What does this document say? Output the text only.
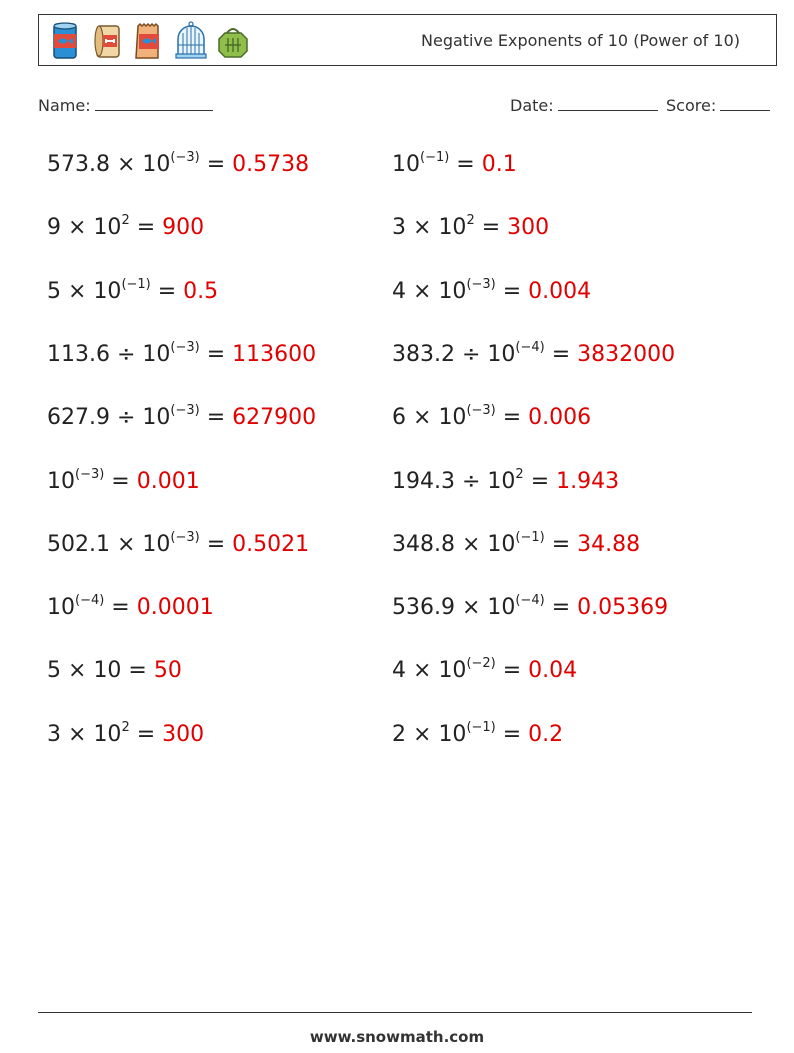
Negative Exponents of 10 (Power of 10)
Name:	Date:	Score:
$573.8 \times 10^{(-3)} = 0.5738$
$9 \times 10^2 = 900$
$5 \times 10^{(-1)} = 0.5$
$113.6 \div 10^{(-3)} = 113600$
$627.9 \div 10^{(-3)} = 627900$
$10^{(-3)} = 0.001$
$502.1 \times 10^{(-3)} = 0.5021$
$10^{(-4)} = 0.0001$
5 × 10 = 50
$3 \times 10^2 = 300$
$10^{(-1)} = 0.1$
$3 \times 10^2 = 300$
$4 \times 10^{(-3)} = 0.004$
$383.2 \div 10^{(-4)} = 3832000$
$6 \times 10^{(-3)} = 0.006$
$194.3 \div 10^2 = 1.943$
$348.8 \times 10^{(-1)} = 34.88$
$536.9 \times 10^{(-4)} = 0.05369$
$4 \times 10^{(-2)} = 0.04$
$2 \times 10^{(-1)} = 0.2$
www.snowmath.com
